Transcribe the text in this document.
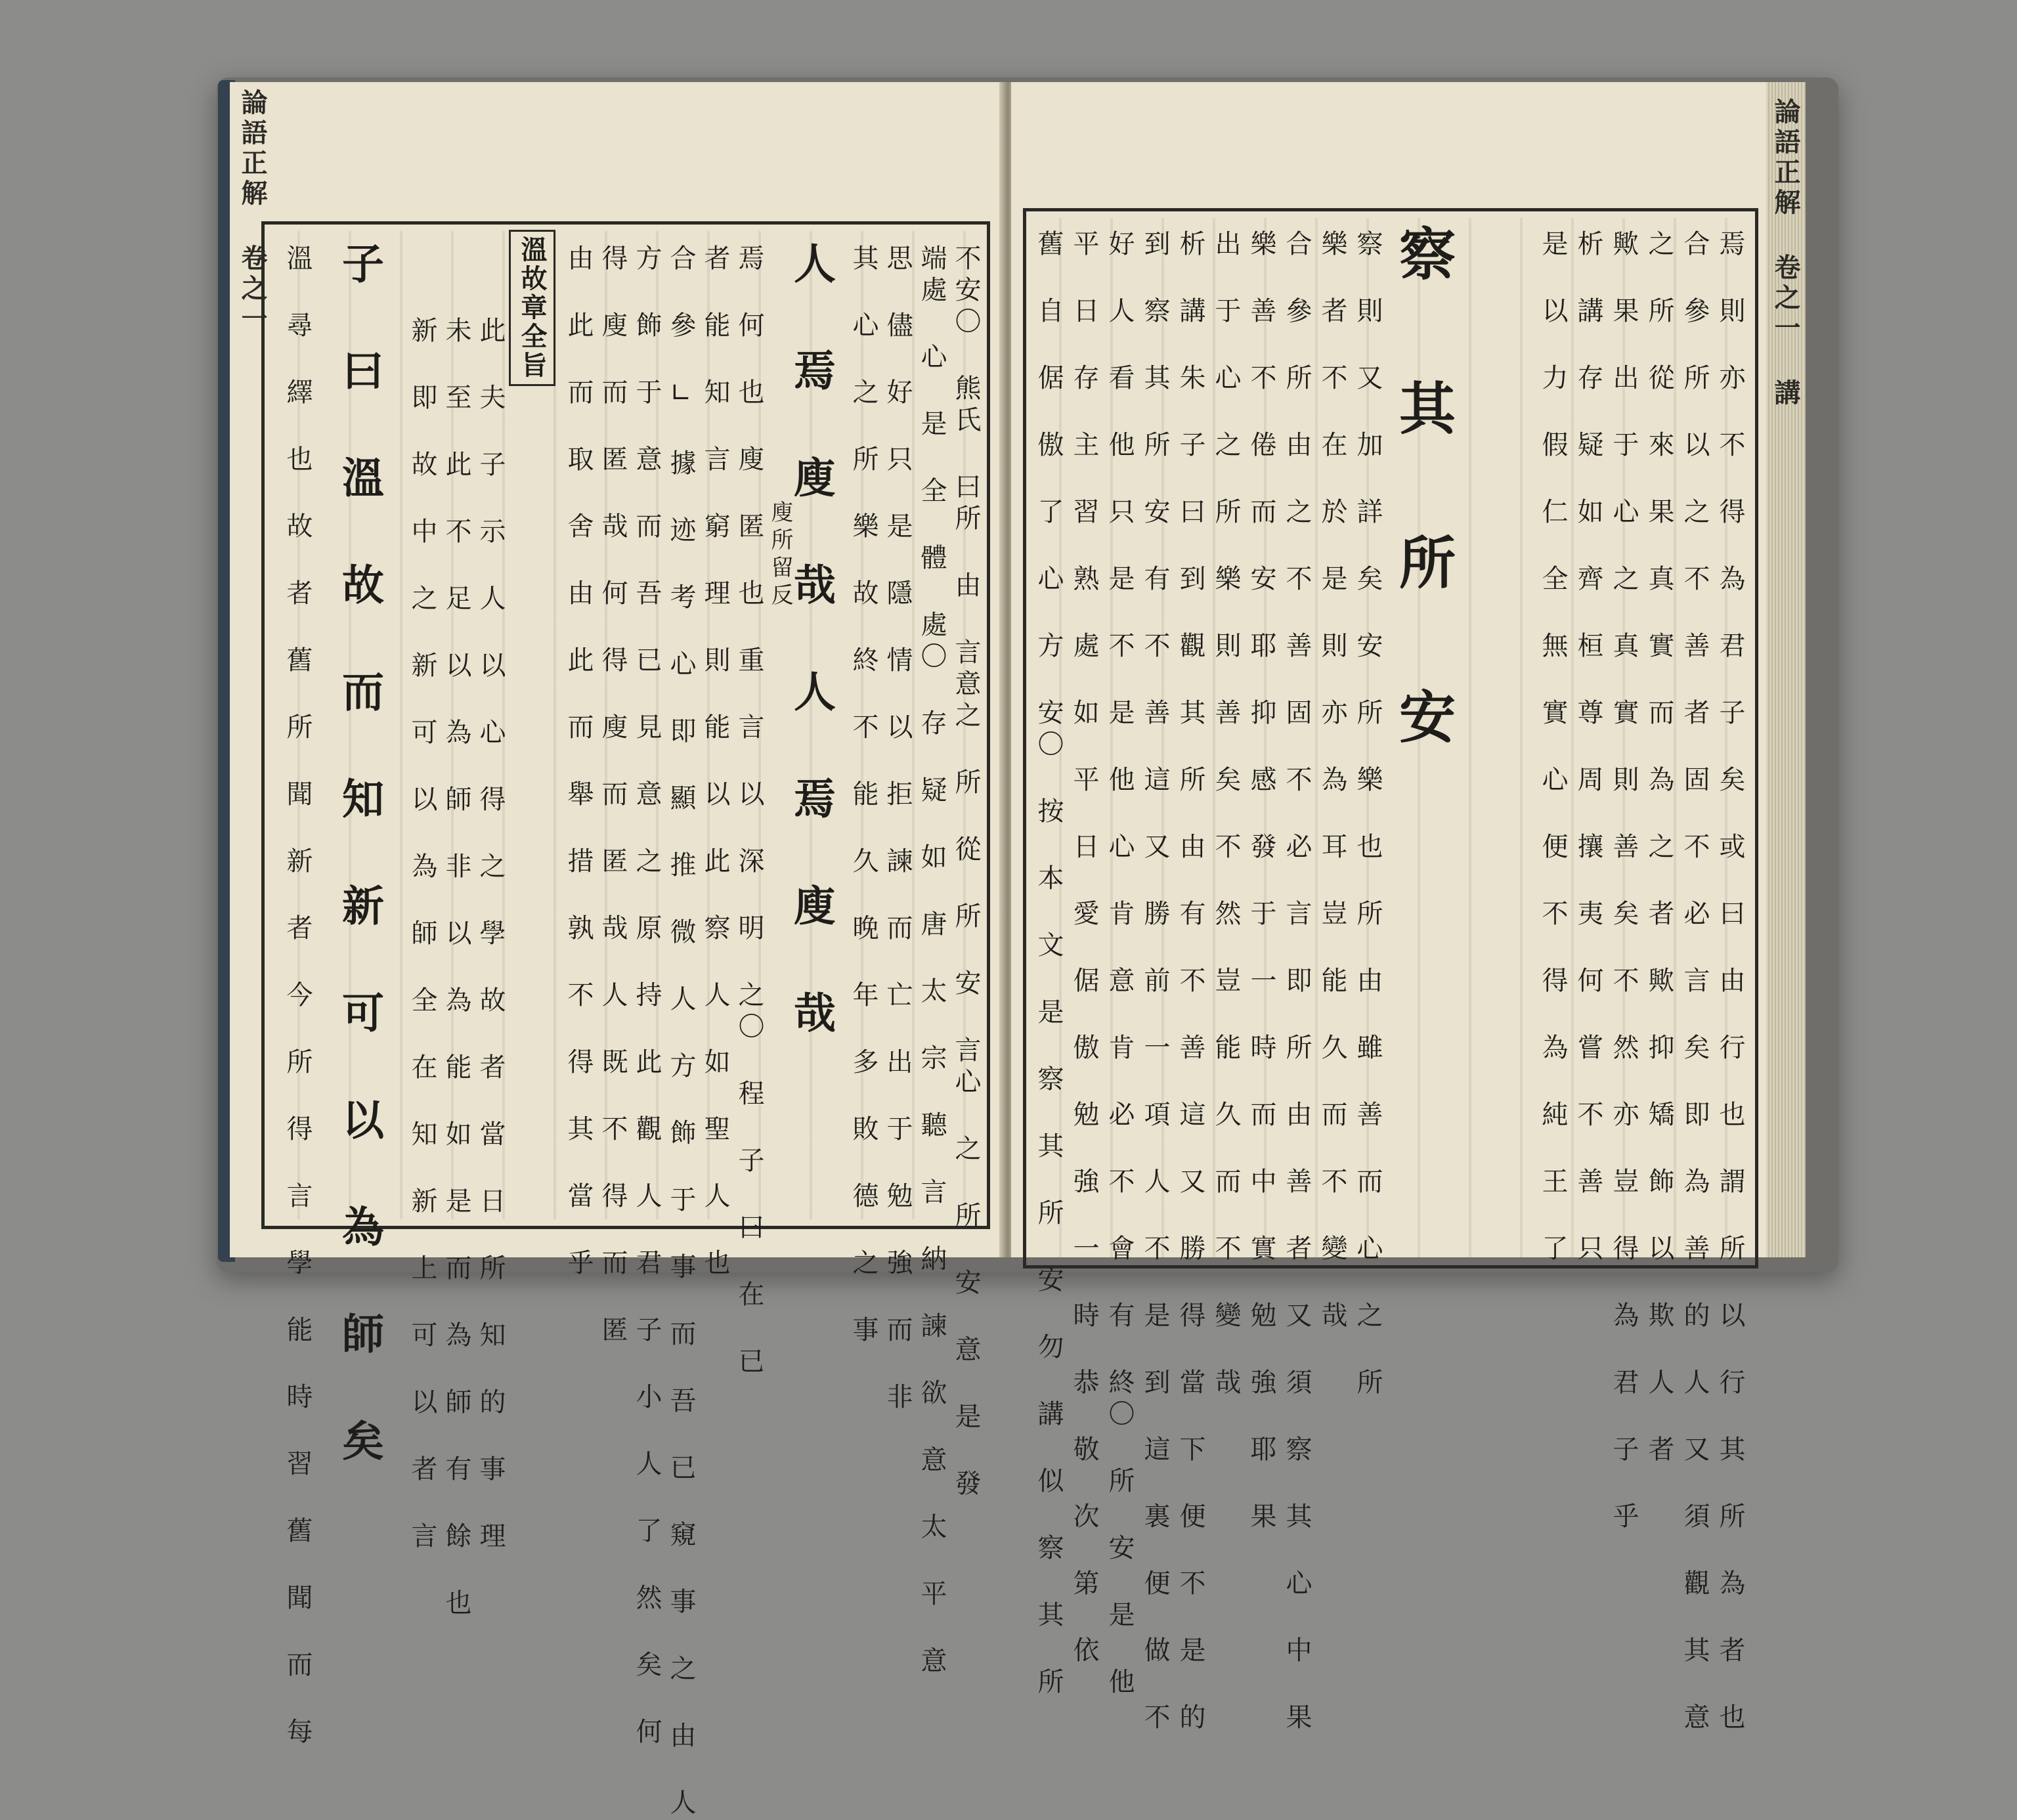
論語正解 卷之一
不安〇 熊氏 曰所 由 言意之 所 從 所 安 言心 之 所 安 意 是 發
端處 心 是 全 體 處〇 存 疑 如 唐 太 宗 聽 言 納 諫 欲 意 太 平 意
思 儘 好 只 是 隱 情 以 拒 諫 而 亡 出 于 勉 強 而 非
其 心 之 所 樂 故 終 不 能 久 晚 年 多 敗 德 之 事
人 焉 廋 哉 人 焉 廋 哉
廋所留反
焉 何 也 廋 匿 也 重 言 以 深 明 之〇 程 子 曰 在 已
者 能 知 言 窮 理 則 能 以 此 察 人 如 聖 人 也
合 參 ∟ 據 迹 考 心 即 顯 推 微 人 方 飾 于 事 而 吾 已 窺 事 之 由 人
方 飾 于 意 而 吾 已 見 意 之 原 持 此 觀 人 君 子 小 人 了 然 矣 何
得 廋 而 匿 哉 何 得 廋 而 匿 哉 人 既 不 得 而 匿
由 此 而 取 舍 由 此 而 舉 措 孰 不 得 其 當 乎
溫故章全旨
此 夫 子 示 人 以 心 得 之 學 故 者 當 日 所 知 的 事 理
未 至 此 不 足 以 為 師 非 以 為 能 如 是 而 為 師 有 餘 也
新 即 故 中 之 新 可 以 為 師 全 在 知 新 上 可 以 者 言
子 曰 溫 故 而 知 新 可 以 為 師 矣
溫 尋 繹 也 故 者 舊 所 聞 新 者 今 所 得 言 學 能 時 習 舊 聞 而 每	焉 則 亦 不 得 為 君 子 矣 或 曰 由 行 也 謂 所 以 行 其 所 為 者 也
合 參 所 以 之 不 善 者 固 不 必 言 矣 即 為 善 的 人 又 須 觀 其 意
之 所 從 來 果 真 實 而 為 之 者 歟 抑 矯 飾 以 欺 人 者
歟 果 出 于 心 之 真 實 則 善 矣 不 然 亦 豈 得 為 君 子 乎
析 講 存 疑 如 齊 桓 尊 周 攘 夷 何 嘗 不 善 只
是 以 力 假 仁 全 無 實 心 便 不 得 為 純 王 了
察 其 所 安
察 則 又 加 詳 矣 安 所 樂 也 所 由 雖 善 而 心 之 所
樂 者 不 在 於 是 則 亦 為 耳 豈 能 久 而 不 變 哉
合 參 所 由 之 不 善 固 不 必 言 即 所 由 善 者 又 須 察 其 心 中 果
樂 善 不 倦 而 安 耶 抑 感 發 于 一 時 而 中 實 勉 強 耶 果
出 于 心 之 所 樂 則 善 矣 不 然 豈 能 久 而 不 變 哉
析 講 朱 子 曰 到 觀 其 所 由 有 不 善 這 又 勝 得 當 下 便 不 是 的
到 察 其 所 安 有 不 善 這 又 勝 前 一 項 人 不 是 到 這 裏 便 做 不
好 人 看 他 只 是 不 是 他 心 肯 意 肯 必 不 會 有 終〇 所 安 是 他
平 日 存 主 習 熟 處 如 平 日 愛 倨 傲 勉 強 一 時 恭 敬 次 第 依
舊 自 倨 傲 了 心 方 安〇 按 本 文 是 察 其 所 安 勿 講 似 察 其 所	論語正解 卷之一 講
